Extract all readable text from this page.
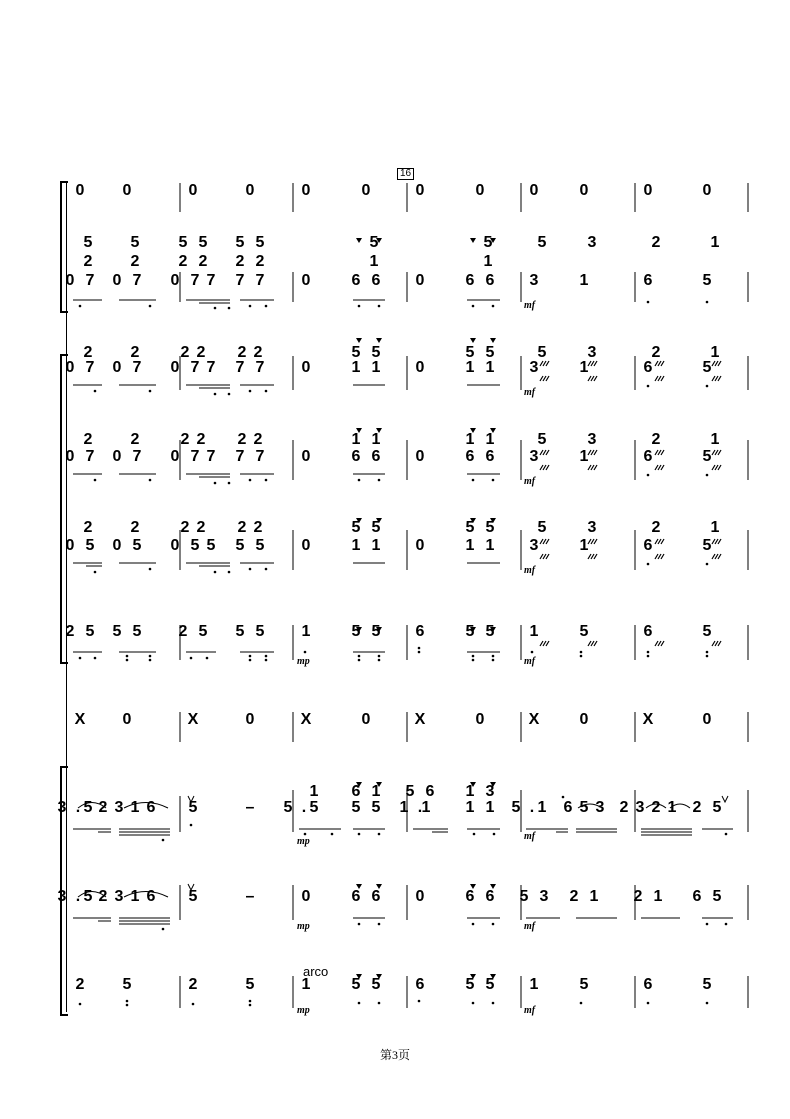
16
0 0	0	0	0	0	0	0	0	0	0	0
0 7 0 7 0 7 7 7 7 0	6 6 0	6 6 3	1	6	5
5
2
5
2
5 5
2 2
5 5
2 2
5
1
5
1
5	3	2	1
0 7 0 7 0 7 7 7 7 0	1 1 0	1 1 3	1	6	5
2 2	2 2 2 2	5 5	5 5	5	3	2	1
0 7 0 7 0 7 7 7 7 0	6 6 0	6 6 3	1	6	5
2 2	2 2 2 2	1 1	1 1	5	3	2	1
0 5 0 5 0 5 5 5 5 0	1 1 0	1 1 3	1	6	5
2 2	2 2 2 2	5 5	5 5	5	3	2	1
2 5 5 5 2 5 5 5 1	5 5 6	5 5 1	5	6	5
X 0	X	0	X	0	X	0	X	0	X	0
3 . 5 2 3 1 6 5	– 5 . 5 5 5 1 . 1 1 1 5 . 1 6 5 3 2 3 2 1 2 5
1 6 1 5 6 1 3
3 . 5 2 3 1 6 5	–	0	6 6 0	6 6 5 3 2 1 2 1 6 5
2 5	2	5	1	5 5 6	5 5 1	5	6	5
mf
mf
mf
mf
mf
mp
mp	mf
mp	mf
mp	mf
arco
第3页
